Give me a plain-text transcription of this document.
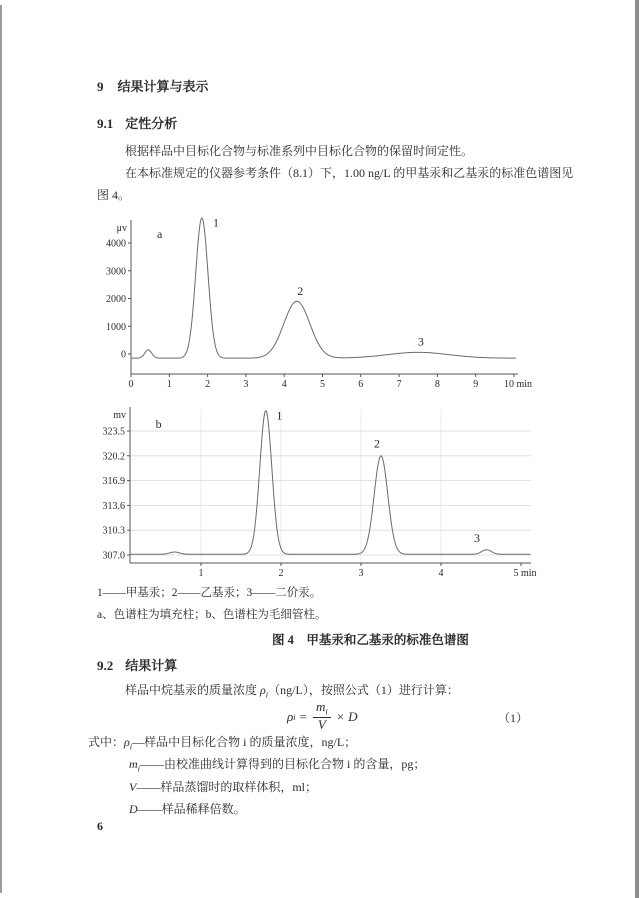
9 结果计算与表示
9.1 定性分析
根据样品中目标化合物与标准系列中目标化合物的保留时间定性。
在本标准规定的仪器参考条件（8.1）下，1.00 ng/L 的甲基汞和乙基汞的标准色谱图见
图 4。
0
1000
2000
3000
4000
μv
0	1	2	3	4	5	6	7	8	9	10 min
a
1
2
3
307.0
310.3
313.6
316.9
320.2
323.5
mv
1	2	3	4	5 min
b
1
2
3
1——甲基汞；2——乙基汞；3——二价汞。
a、色谱柱为填充柱；b、色谱柱为毛细管柱。
图 4　甲基汞和乙基汞的标准色谱图
9.2 结果计算
样品中烷基汞的质量浓度 $\rho_i(ng/L)$，按照公式（1）进行计算：
ρ $i = \frac{m_i}{V} \times D$	（1）
式中：$\rho_i—$样品中目标化合物 i 的质量浓度，ng/L；
$m_i——$由校准曲线计算得到的目标化合物 i 的含量，pg；
V——样品蒸馏时的取样体积，ml；
D——样品稀释倍数。
6
